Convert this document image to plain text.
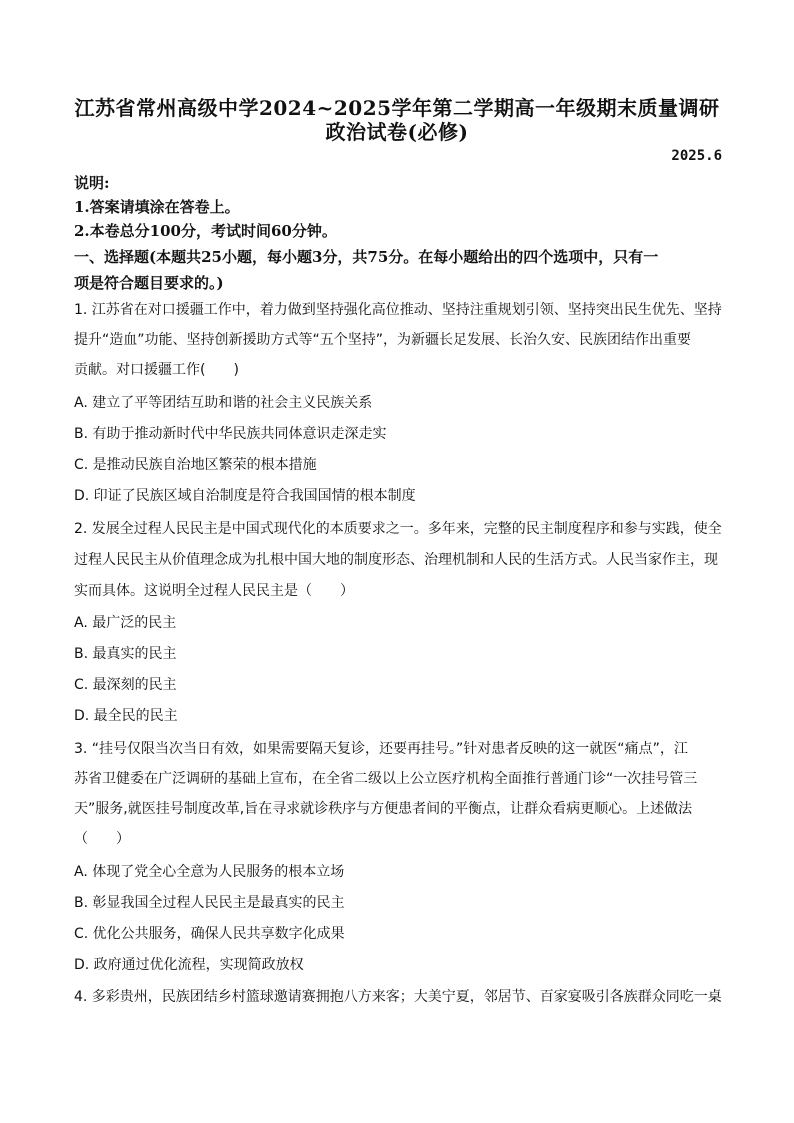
江苏省常州高级中学2024~2025学年第二学期高一年级期末质量调研
政治试卷(必修)
2025.6
说明:
1.答案请填涂在答卷上。
2.本卷总分100分，考试时间60分钟。
一、选择题(本题共25小题，每小题3分，共75分。在每小题给出的四个选项中，只有一
项是符合题目要求的。)
1. 江苏省在对口援疆工作中，着力做到坚持强化高位推动、坚持注重规划引领、坚持突出民生优先、坚持
提升“造血”功能、坚持创新援助方式等“五个坚持”，为新疆长足发展、长治久安、民族团结作出重要
贡献。对口援疆工作(　　)
A. 建立了平等团结互助和谐的社会主义民族关系
B. 有助于推动新时代中华民族共同体意识走深走实
C. 是推动民族自治地区繁荣的根本措施
D. 印证了民族区域自治制度是符合我国国情的根本制度
2. 发展全过程人民民主是中国式现代化的本质要求之一。多年来，完整的民主制度程序和参与实践，使全
过程人民民主从价值理念成为扎根中国大地的制度形态、治理机制和人民的生活方式。人民当家作主，现
实而具体。这说明全过程人民民主是（　　）
A. 最广泛的民主
B. 最真实的民主
C. 最深刻的民主
D. 最全民的民主
3. “挂号仅限当次当日有效，如果需要隔天复诊，还要再挂号。”针对患者反映的这一就医“痛点”，江
苏省卫健委在广泛调研的基础上宣布，在全省二级以上公立医疗机构全面推行普通门诊“一次挂号管三
天”服务,就医挂号制度改革,旨在寻求就诊秩序与方便患者间的平衡点，让群众看病更顺心。上述做法
（　　）
A. 体现了党全心全意为人民服务的根本立场
B. 彰显我国全过程人民民主是最真实的民主
C. 优化公共服务，确保人民共享数字化成果
D. 政府通过优化流程，实现简政放权
4. 多彩贵州，民族团结乡村篮球邀请赛拥抱八方来客；大美宁夏，邻居节、百家宴吸引各族群众同吃一桌
